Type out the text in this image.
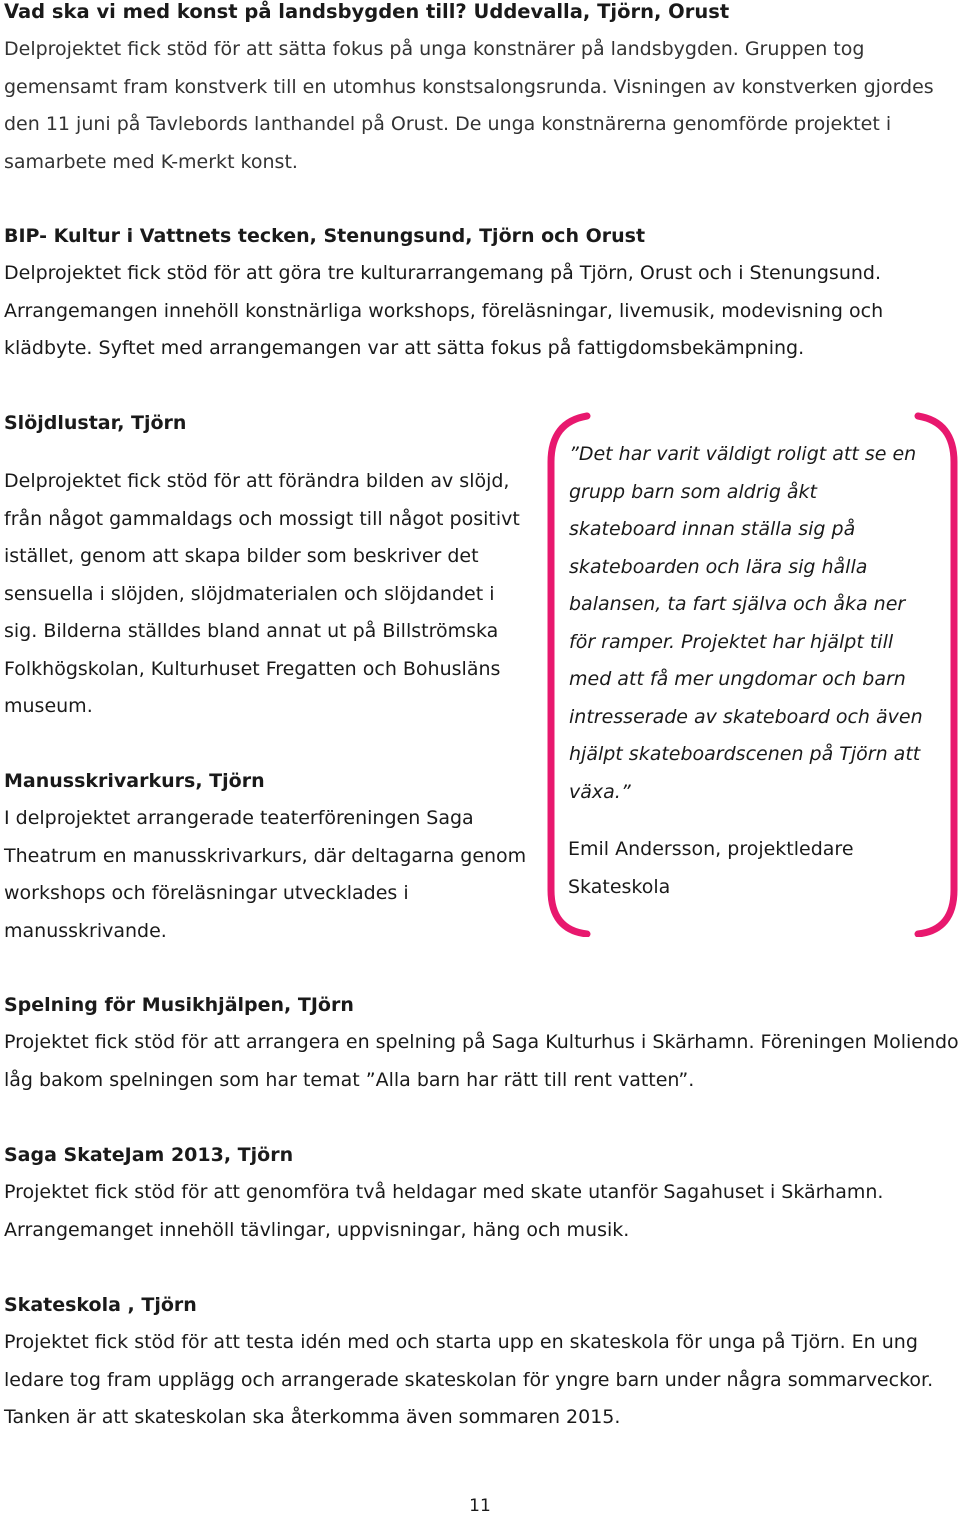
Vad ska vi med konst på landsbygden till? Uddevalla, Tjörn, Orust
Delprojektet fick stöd för att sätta fokus på unga konstnärer på landsbygden. Gruppen tog gemensamt fram konstverk till en utomhus konstsalongsrunda. Visningen av konstverken gjordes den 11 juni på Tavlebords lanthandel på Orust. De unga konstnärerna genomförde projektet i samarbete med K-merkt konst.
BIP- Kultur i Vattnets tecken, Stenungsund, Tjörn och Orust
Delprojektet fick stöd för att göra tre kulturarrangemang på Tjörn, Orust och i Stenungsund. Arrangemangen innehöll konstnärliga workshops, föreläsningar, livemusik, modevisning och klädbyte. Syftet med arrangemangen var att sätta fokus på fattigdomsbekämpning.
Slöjdlustar, Tjörn
Delprojektet fick stöd för att förändra bilden av slöjd, från något gammaldags och mossigt till något positivt istället, genom att skapa bilder som beskriver det sensuella i slöjden, slöjdmaterialen och slöjdandet i sig. Bilderna ställdes bland annat ut på Billströmska Folkhögskolan, Kulturhuset Fregatten och Bohusläns museum.
Manusskrivarkurs, Tjörn
I delprojektet arrangerade teaterföreningen Saga Theatrum en manusskrivarkurs, där deltagarna genom workshops och föreläsningar utvecklades i manusskrivande.
”Det har varit väldigt roligt att se en grupp barn som aldrig åkt skateboard innan ställa sig på skateboarden och lära sig hålla balansen, ta fart själva och åka ner för ramper. Projektet har hjälpt till med att få mer ungdomar och barn intresserade av skateboard och även hjälpt skateboardscenen på Tjörn att växa.”
Emil Andersson, projektledare Skateskola
Spelning för Musikhjälpen, TJörn
Projektet fick stöd för att arrangera en spelning på Saga Kulturhus i Skärhamn. Föreningen Moliendo låg bakom spelningen som har temat ”Alla barn har rätt till rent vatten”.
Saga SkateJam 2013, Tjörn
Projektet fick stöd för att genomföra två heldagar med skate utanför Sagahuset i Skärhamn. Arrangemanget innehöll tävlingar, uppvisningar, häng och musik.
Skateskola , Tjörn
Projektet fick stöd för att testa idén med och starta upp en skateskola för unga på Tjörn. En ung ledare tog fram upplägg och arrangerade skateskolan för yngre barn under några sommarveckor. Tanken är att skateskolan ska återkomma även sommaren 2015.
11
